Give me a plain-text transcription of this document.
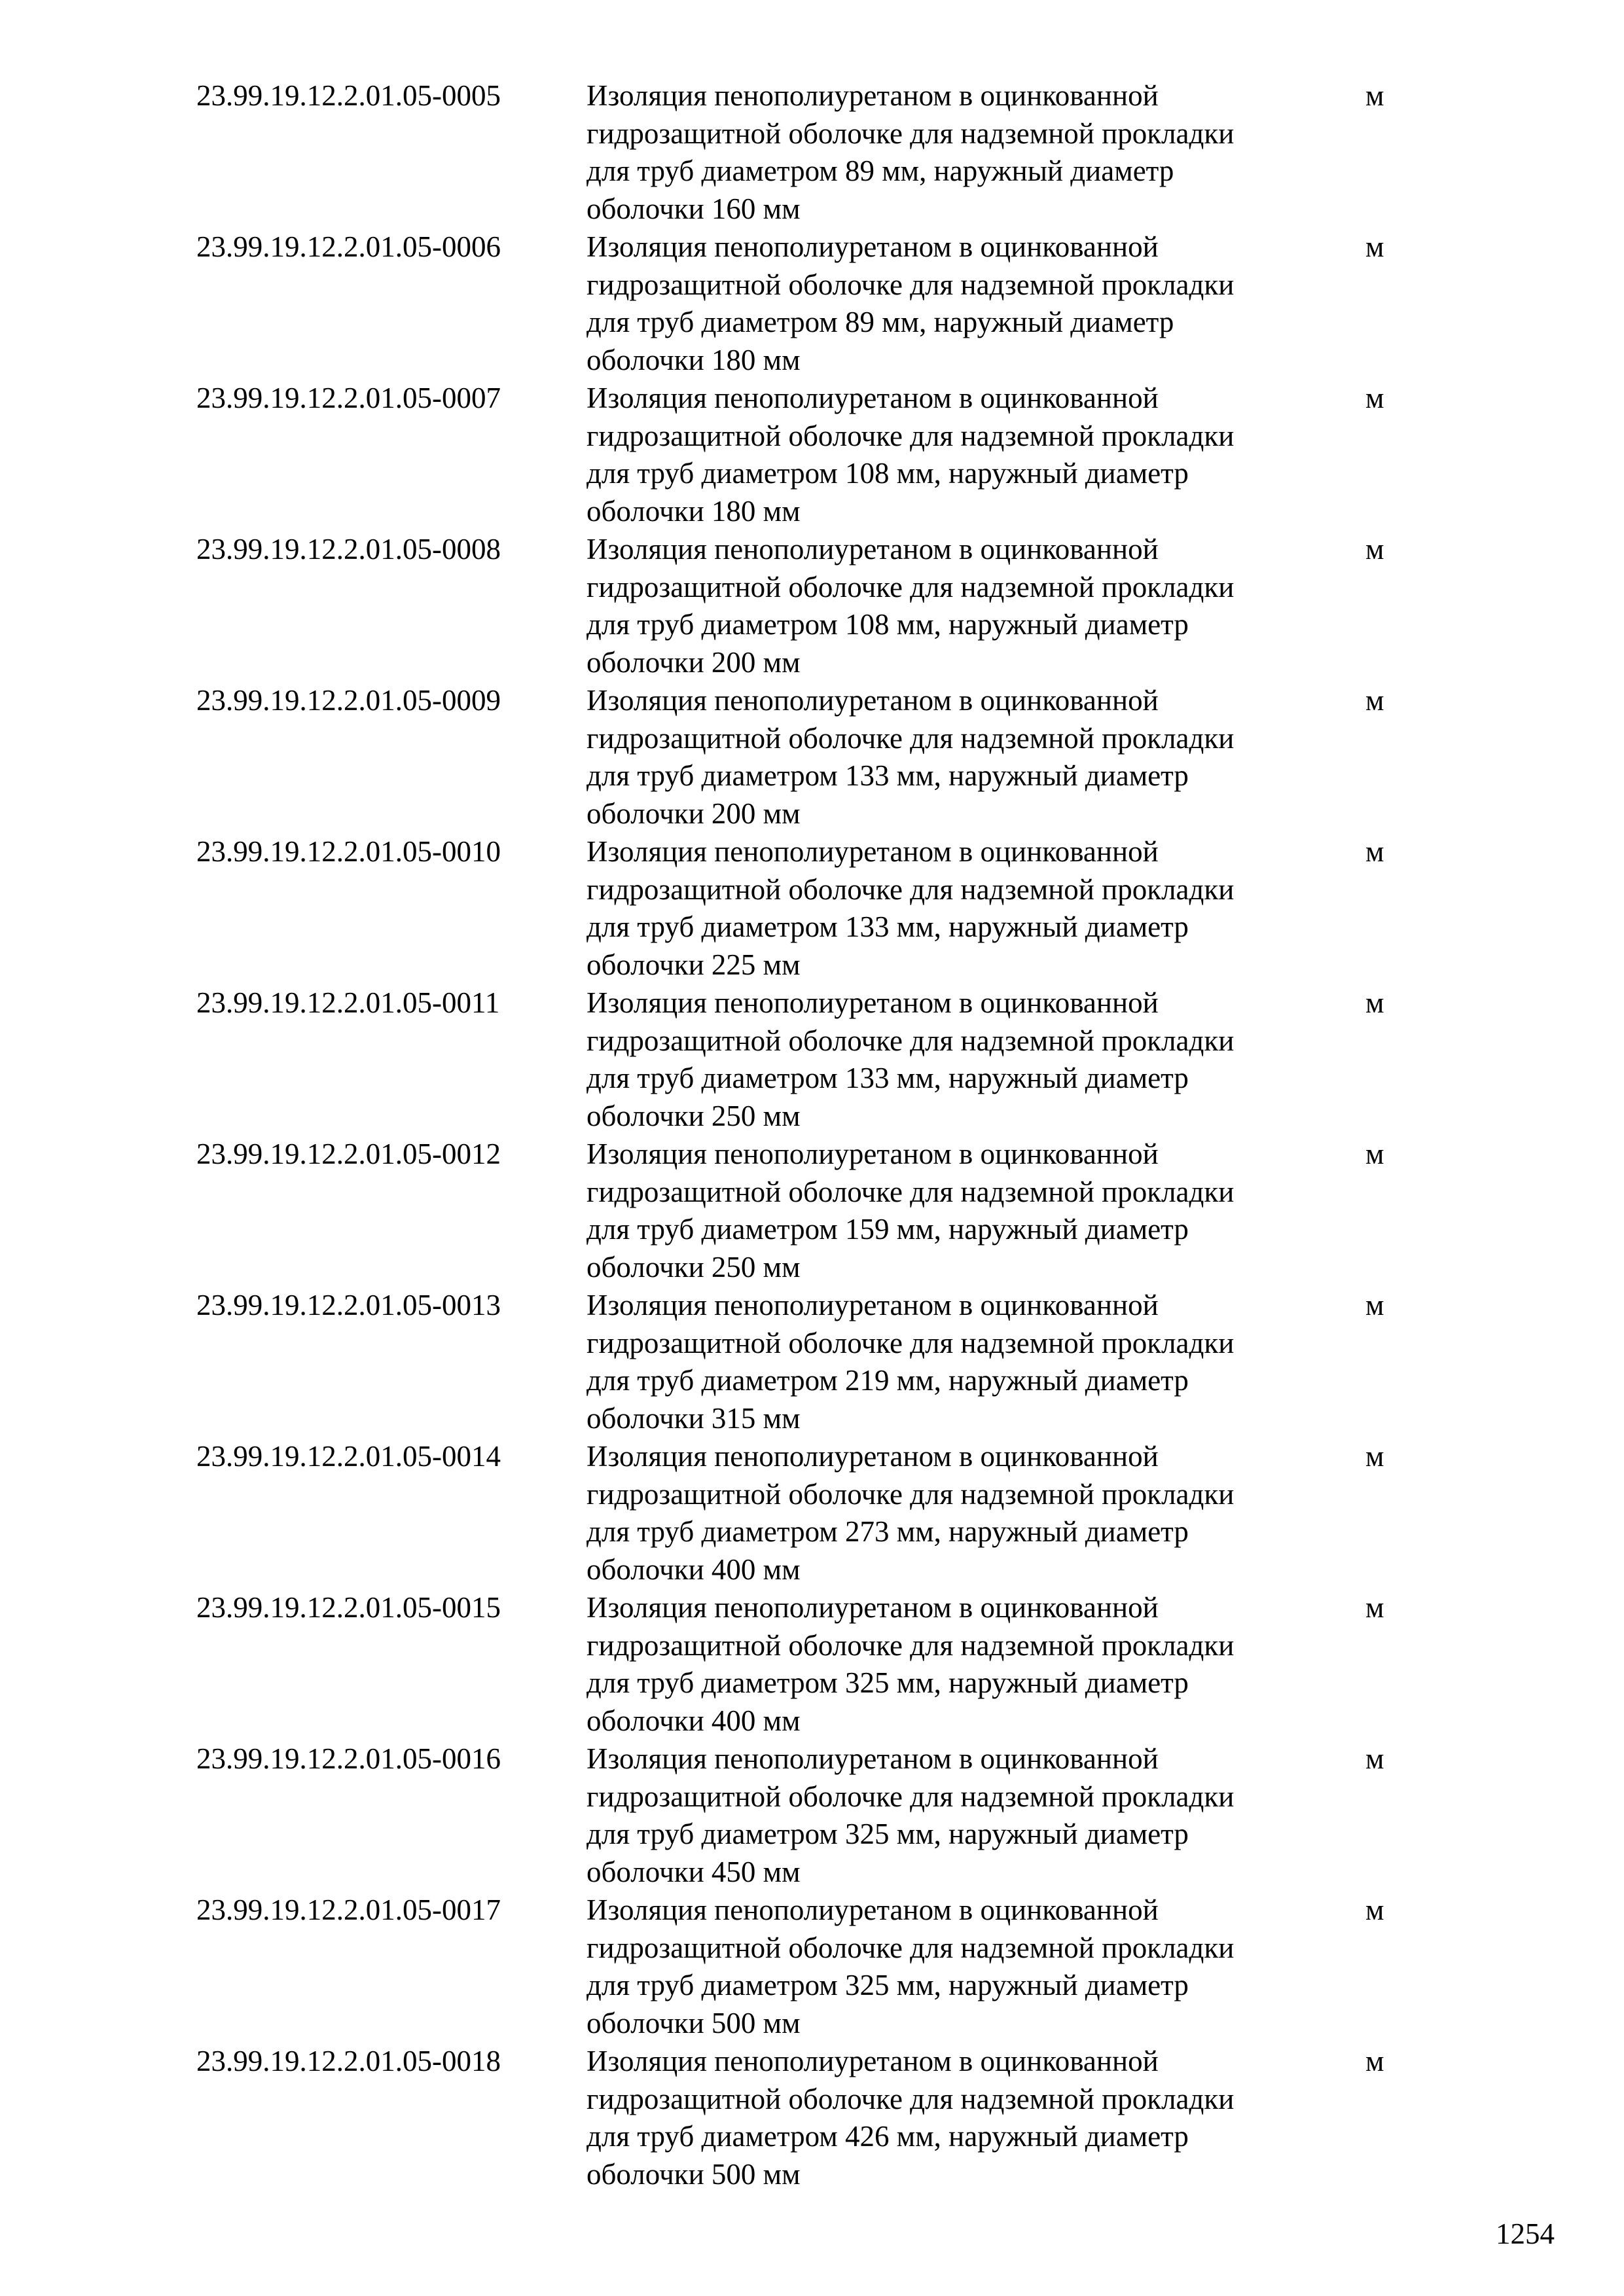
23.99.19.12.2.01.05-0005	Изоляция пенополиуретаном в оцинкованной
гидрозащитной оболочке для надземной прокладки
для труб диаметром 89 мм, наружный диаметр
оболочки 160 мм
м
23.99.19.12.2.01.05-0006	Изоляция пенополиуретаном в оцинкованной
гидрозащитной оболочке для надземной прокладки
для труб диаметром 89 мм, наружный диаметр
оболочки 180 мм
м
23.99.19.12.2.01.05-0007	Изоляция пенополиуретаном в оцинкованной
гидрозащитной оболочке для надземной прокладки
для труб диаметром 108 мм, наружный диаметр
оболочки 180 мм
м
23.99.19.12.2.01.05-0008	Изоляция пенополиуретаном в оцинкованной
гидрозащитной оболочке для надземной прокладки
для труб диаметром 108 мм, наружный диаметр
оболочки 200 мм
м
23.99.19.12.2.01.05-0009	Изоляция пенополиуретаном в оцинкованной
гидрозащитной оболочке для надземной прокладки
для труб диаметром 133 мм, наружный диаметр
оболочки 200 мм
м
23.99.19.12.2.01.05-0010	Изоляция пенополиуретаном в оцинкованной
гидрозащитной оболочке для надземной прокладки
для труб диаметром 133 мм, наружный диаметр
оболочки 225 мм
м
23.99.19.12.2.01.05-0011	Изоляция пенополиуретаном в оцинкованной
гидрозащитной оболочке для надземной прокладки
для труб диаметром 133 мм, наружный диаметр
оболочки 250 мм
м
23.99.19.12.2.01.05-0012	Изоляция пенополиуретаном в оцинкованной
гидрозащитной оболочке для надземной прокладки
для труб диаметром 159 мм, наружный диаметр
оболочки 250 мм
м
23.99.19.12.2.01.05-0013	Изоляция пенополиуретаном в оцинкованной
гидрозащитной оболочке для надземной прокладки
для труб диаметром 219 мм, наружный диаметр
оболочки 315 мм
м
23.99.19.12.2.01.05-0014	Изоляция пенополиуретаном в оцинкованной
гидрозащитной оболочке для надземной прокладки
для труб диаметром 273 мм, наружный диаметр
оболочки 400 мм
м
23.99.19.12.2.01.05-0015	Изоляция пенополиуретаном в оцинкованной
гидрозащитной оболочке для надземной прокладки
для труб диаметром 325 мм, наружный диаметр
оболочки 400 мм
м
23.99.19.12.2.01.05-0016	Изоляция пенополиуретаном в оцинкованной
гидрозащитной оболочке для надземной прокладки
для труб диаметром 325 мм, наружный диаметр
оболочки 450 мм
м
23.99.19.12.2.01.05-0017	Изоляция пенополиуретаном в оцинкованной
гидрозащитной оболочке для надземной прокладки
для труб диаметром 325 мм, наружный диаметр
оболочки 500 мм
м
23.99.19.12.2.01.05-0018	Изоляция пенополиуретаном в оцинкованной
гидрозащитной оболочке для надземной прокладки
для труб диаметром 426 мм, наружный диаметр
оболочки 500 мм
м
1254
